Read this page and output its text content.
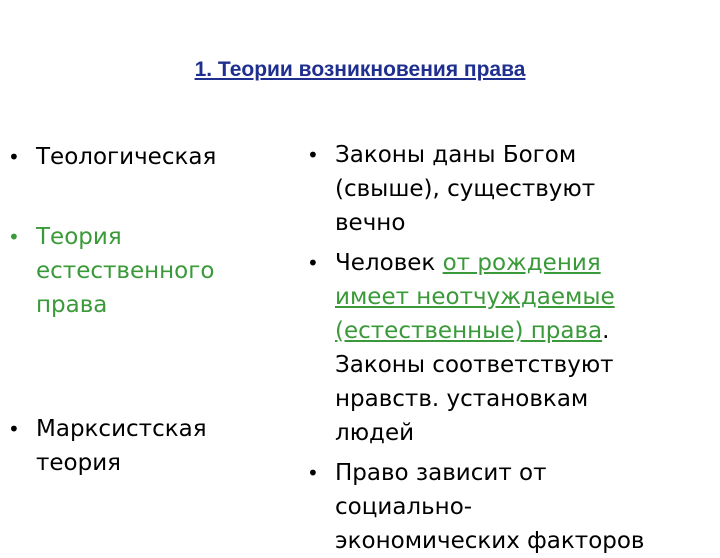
1. Теории возникновения права
• Теологическая
• Теория естественного права
• Марксистская теория
• Законы даны Богом (свыше), существуют вечно
• Человек от рождения имеет неотчуждаемые (естественные) права. Законы соответствуют нравств. установкам людей
• Право зависит от социально-экономических факторов
